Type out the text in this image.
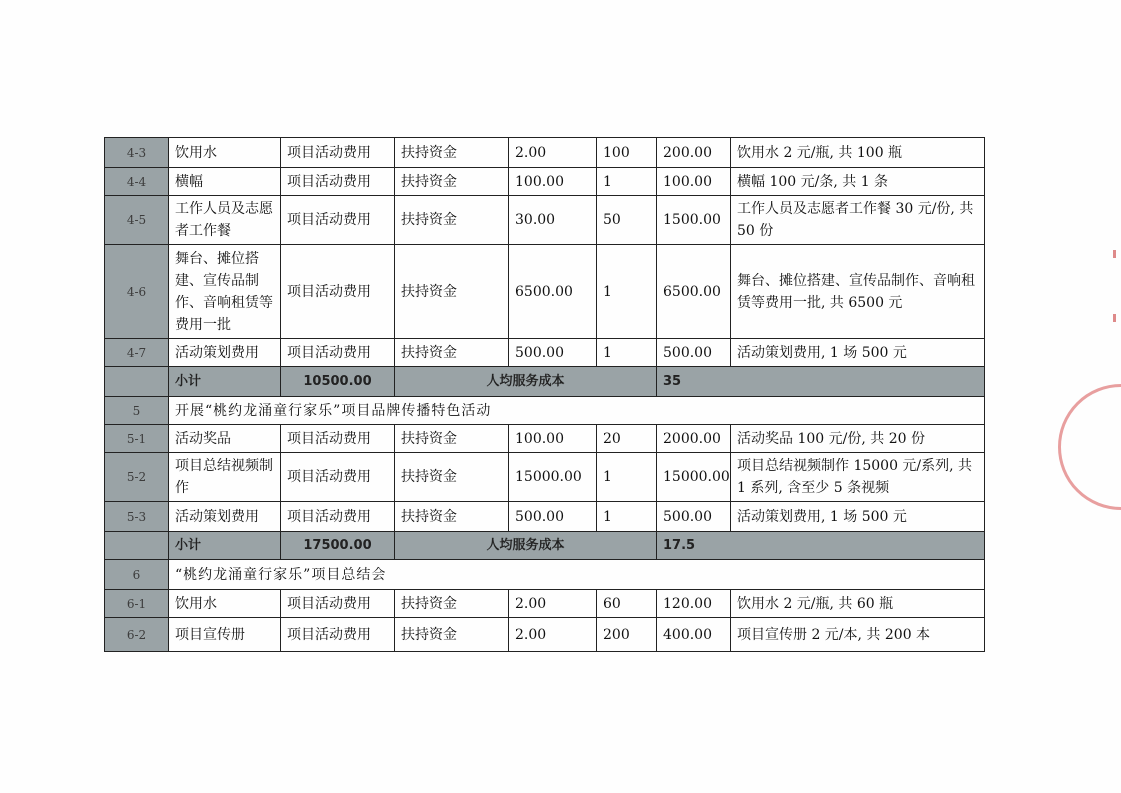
4-3	饮用水	项目活动费用	扶持资金	2.00	100	200.00	饮用水 2 元/瓶, 共 100 瓶
4-4	横幅	项目活动费用	扶持资金	100.00	1	100.00	横幅 100 元/条, 共 1 条
4-5	工作人员及志愿者工作餐	项目活动费用	扶持资金	30.00	50	1500.00	工作人员及志愿者工作餐 30 元/份, 共 50 份
4-6	舞台、摊位搭建、宣传品制作、音响租赁等费用一批	项目活动费用	扶持资金	6500.00	1	6500.00	舞台、摊位搭建、宣传品制作、音响租赁等费用一批, 共 6500 元
4-7	活动策划费用	项目活动费用	扶持资金	500.00	1	500.00	活动策划费用, 1 场 500 元
	小计	10500.00	人均服务成本			35	
5	开展“桃约龙涌童行家乐”项目品牌传播特色活动						
5-1	活动奖品	项目活动费用	扶持资金	100.00	20	2000.00	活动奖品 100 元/份, 共 20 份
5-2	项目总结视频制作	项目活动费用	扶持资金	15000.00	1	15000.00	项目总结视频制作 15000 元/系列, 共 1 系列, 含至少 5 条视频
5-3	活动策划费用	项目活动费用	扶持资金	500.00	1	500.00	活动策划费用, 1 场 500 元
	小计	17500.00	人均服务成本			17.5	
6	“桃约龙涌童行家乐”项目总结会						
6-1	饮用水	项目活动费用	扶持资金	2.00	60	120.00	饮用水 2 元/瓶, 共 60 瓶
6-2	项目宣传册	项目活动费用	扶持资金	2.00	200	400.00	项目宣传册 2 元/本, 共 200 本
